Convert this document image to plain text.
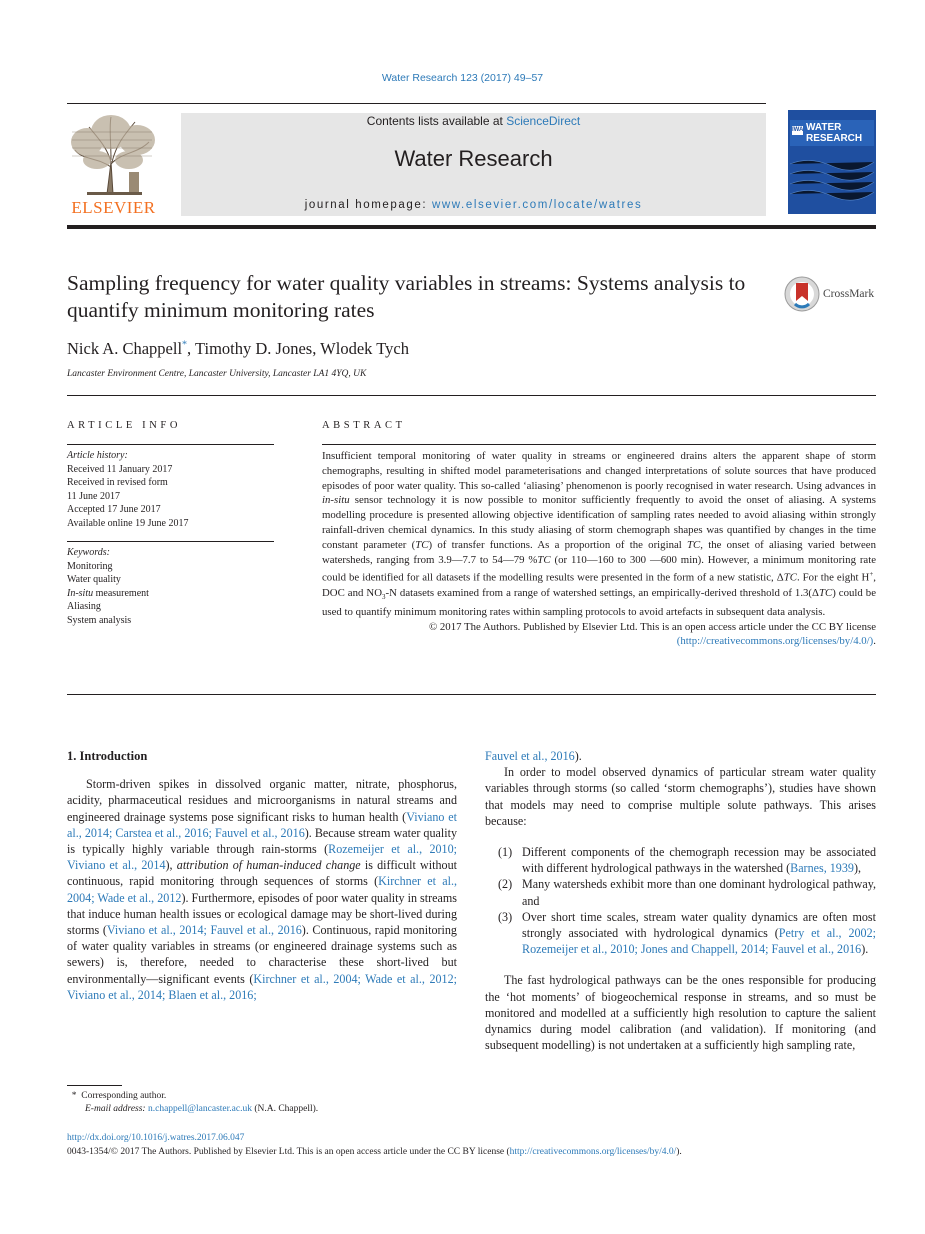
Water Research 123 (2017) 49–57
ELSEVIER
Contents lists available at ScienceDirect
Water Research
journal homepage: www.elsevier.com/locate/watres
IWA WATER
RESEARCH
Sampling frequency for water quality variables in streams: Systems analysis to quantify minimum monitoring rates
CrossMark
Nick A. Chappell*, Timothy D. Jones, Wlodek Tych
Lancaster Environment Centre, Lancaster University, Lancaster LA1 4YQ, UK
ARTICLE INFO
Article history:
Received 11 January 2017
Received in revised form
11 June 2017
Accepted 17 June 2017
Available online 19 June 2017
Keywords:
Monitoring
Water quality
In-situ measurement
Aliasing
System analysis
ABSTRACT

Insufficient temporal monitoring of water quality in streams or engineered drains alters the apparent shape of storm chemographs, resulting in shifted model parameterisations and changed interpretations of solute sources that have produced episodes of poor water quality. This so-called ‘aliasing’ phenomenon is poorly recognised in water research. Using advances in in-situ sensor technology it is now possible to monitor sufficiently frequently to avoid the onset of aliasing. A systems modelling procedure is presented allowing objective identification of sampling rates needed to avoid aliasing within strongly rainfall-driven chemical dynamics. In this study aliasing of storm chemograph shapes was quantified by changes in the time constant parameter (TC) of transfer functions. As a proportion of the original TC, the onset of aliasing varied between watersheds, ranging from 3.9—7.7 to 54—79 %TC (or 110—160 to 300 —600 min). However, a minimum monitoring rate could be identified for all datasets if the modelling results were presented in the form of a new statistic, ΔTC. For the eight H+, DOC and $NO_3-N$ datasets examined from a range of watershed settings, an empirically-derived threshold of 1.3(ΔTC) could be used to quantify minimum monitoring rates within sampling protocols to avoid artefacts in subsequent data analysis.

© 2017 The Authors. Published by Elsevier Ltd. This is an open access article under the CC BY license
(http://creativecommons.org/licenses/by/4.0/).

1. Introduction

Storm-driven spikes in dissolved organic matter, nitrate, phosphorus, acidity, pharmaceutical residues and microorganisms in natural streams and engineered drainage systems pose significant risks to human health (Viviano et al., 2014; Carstea et al., 2016; Fauvel et al., 2016). Because stream water quality is typically highly variable through rain-storms (Rozemeijer et al., 2010; Viviano et al., 2014), attribution of human-induced change is difficult without continuous, rapid monitoring through sequences of storms (Kirchner et al., 2004; Wade et al., 2012). Furthermore, episodes of poor water quality in streams that induce human health issues or ecological damage may be short-lived during storms (Viviano et al., 2014; Fauvel et al., 2016). Continuous, rapid monitoring of water quality variables in streams (or engineered drainage systems such as sewers) is, therefore, needed to characterise these short-lived but environmentally—significant events (Kirchner et al., 2004; Wade et al., 2012; Viviano et al., 2014; Blaen et al., 2016;

Fauvel et al., 2016).

In order to model observed dynamics of particular stream water quality variables through storms (so called ‘storm chemographs’), studies have shown that models may need to comprise multiple solute pathways. This arises because:

(1) Different components of the chemograph recession may be associated with different hydrological pathways in the watershed (Barnes, 1939),
(2) Many watersheds exhibit more than one dominant hydrological pathway, and
(3) Over short time scales, stream water quality dynamics are often most strongly associated with hydrological dynamics (Petry et al., 2002; Rozemeijer et al., 2010; Jones and Chappell, 2014; Fauvel et al., 2016).

The fast hydrological pathways can be the ones responsible for producing the ‘hot moments’ of biogeochemical response in streams, and so must be monitored and modelled at a sufficiently high resolution to capture the salient dynamics during model calibration (and validation). If monitoring (and subsequent modelling) is not undertaken at a sufficiently high sampling rate,

* Corresponding author.
E-mail address: n.chappell@lancaster.ac.uk (N.A. Chappell).
http://dx.doi.org/10.1016/j.watres.2017.06.047
0043-1354/© 2017 The Authors. Published by Elsevier Ltd. This is an open access article under the CC BY license (http://creativecommons.org/licenses/by/4.0/).
